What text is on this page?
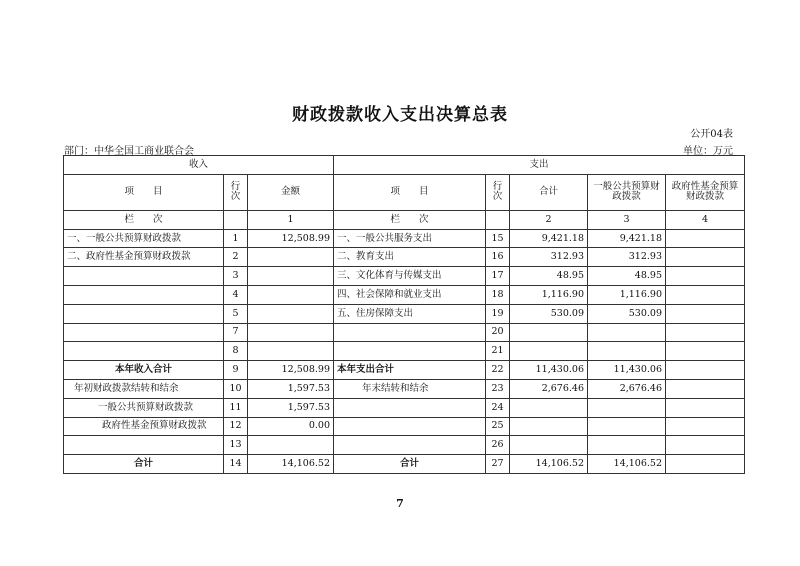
财政拨款收入支出决算总表
公开04表
部门：中华全国工商业联合会	单位：万元
收入			支出				
项　　目	行次	金额	项　　目	行次	合计	一般公共预算财政拨款	政府性基金预算财政拨款
栏　　次		1	栏　　次		2	3	4
一、一般公共预算财政拨款	1	12,508.99	一、一般公共服务支出	15	9,421.18	9,421.18	
二、政府性基金预算财政拨款	2		二、教育支出	16	312.93	312.93	
	3		三、文化体育与传媒支出	17	48.95	48.95	
	4		四、社会保障和就业支出	18	1,116.90	1,116.90	
	5		五、住房保障支出	19	530.09	530.09	
	7			20			
	8			21			
本年收入合计	9	12,508.99	本年支出合计	22	11,430.06	11,430.06	
年初财政拨款结转和结余	10	1,597.53	年末结转和结余	23	2,676.46	2,676.46	
一般公共预算财政拨款	11	1,597.53		24			
政府性基金预算财政拨款	12	0.00		25			
	13			26			
合计	14	14,106.52	合计	27	14,106.52	14,106.52	
7
